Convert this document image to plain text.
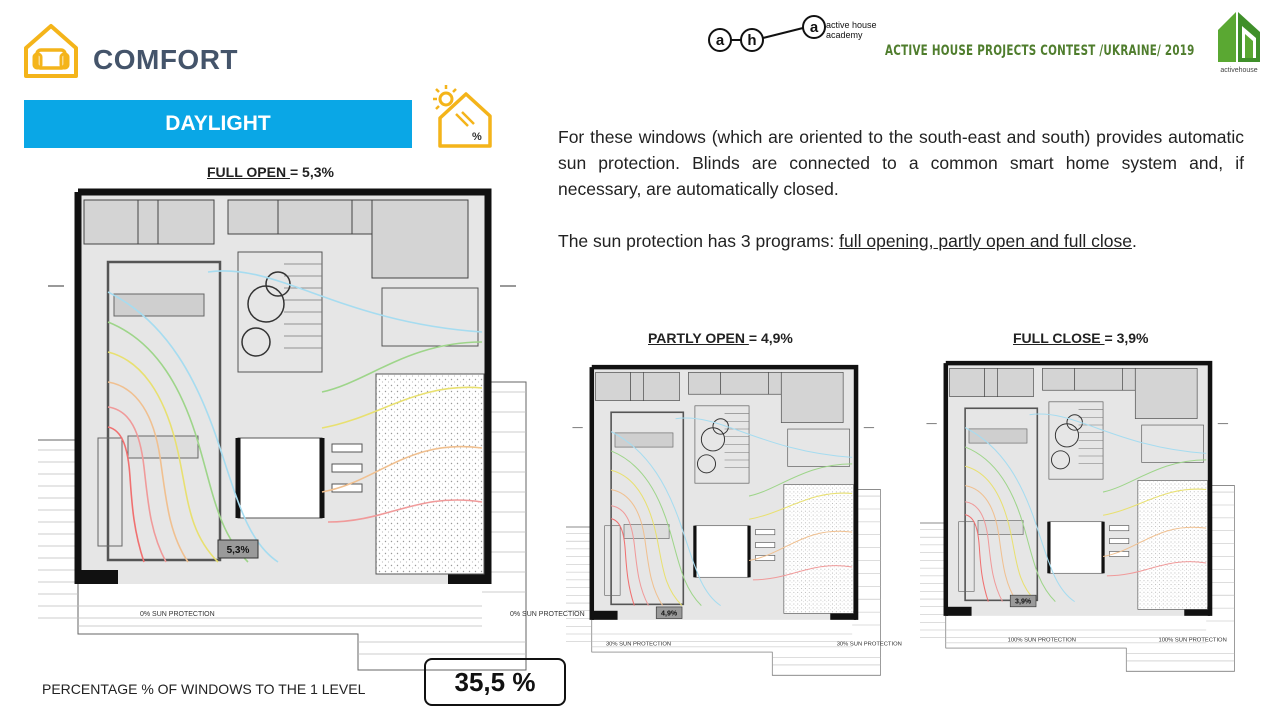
COMFORT
DAYLIGHT
%
a h
a active house academy
ACTIVE HOUSE PROJECTS CONTEST /UKRAINE/ 2019
activehouse
FULL OPEN = 5,3%
PARTLY OPEN = 4,9%	FULL CLOSE = 3,9%
For these windows (which are oriented to the south-east and south) provides automatic sun protection. Blinds are connected to a common smart home system and, if necessary, are automatically closed.
The sun protection has 3 programs: full opening, partly open and full close.
5,3%
0% SUN PROTECTION	0% SUN PROTECTION	4,9%
30% SUN PROTECTION	30% SUN PROTECTION
3,9%
100% SUN PROTECTION	100% SUN PROTECTION
PERCENTAGE % OF WINDOWS TO THE 1 LEVEL	35,5 %
